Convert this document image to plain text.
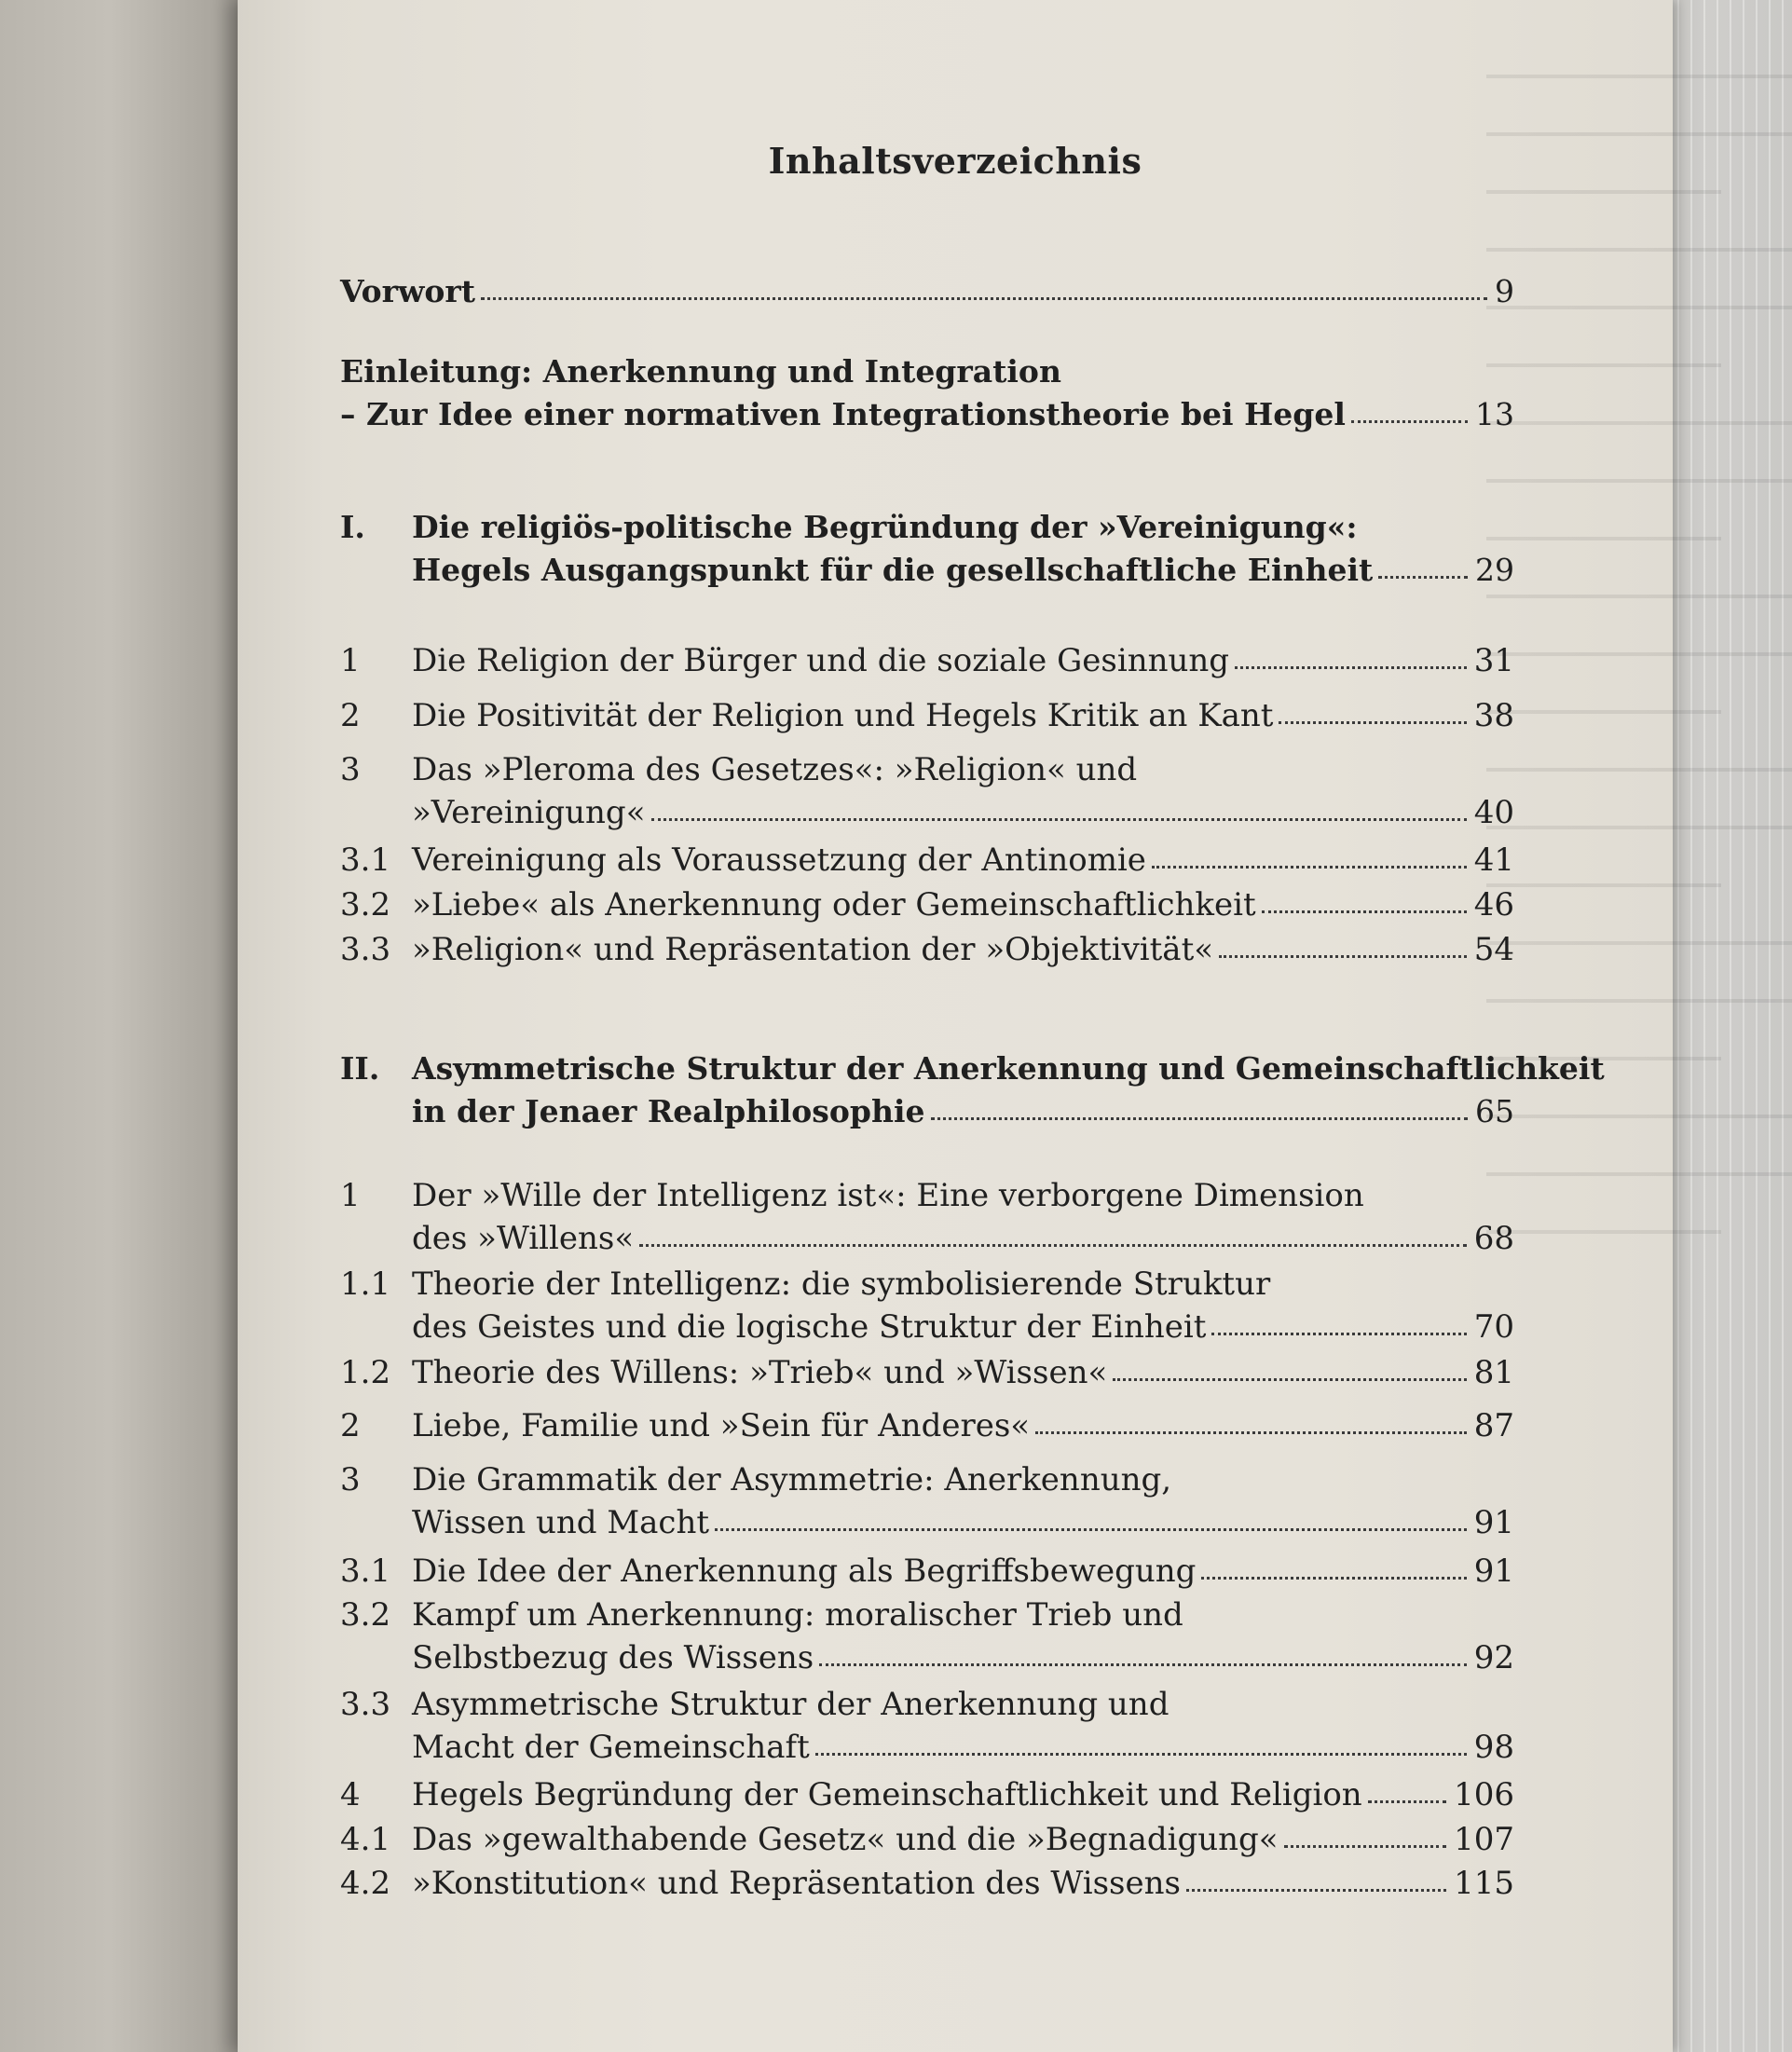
Inhaltsverzeichnis
Vorwort	9
Einleitung: Anerkennung und Integration
– Zur Idee einer normativen Integrationstheorie bei Hegel	13
I. Die religiös-politische Begründung der »Vereinigung«:
Hegels Ausgangspunkt für die gesellschaftliche Einheit	29
1	Die Religion der Bürger und die soziale Gesinnung	31
2	Die Positivität der Religion und Hegels Kritik an Kant	38
3 Das »Pleroma des Gesetzes«: »Religion« und
»Vereinigung«	40
3.1 Vereinigung als Voraussetzung der Antinomie	41
3.2 »Liebe« als Anerkennung oder Gemeinschaftlichkeit	46
3.3 »Religion« und Repräsentation der »Objektivität«	54
II. Asymmetrische Struktur der Anerkennung und Gemeinschaftlichkeit
in der Jenaer Realphilosophie	65
1 Der »Wille der Intelligenz ist«: Eine verborgene Dimension
des »Willens«	68
1.1 Theorie der Intelligenz: die symbolisierende Struktur
des Geistes und die logische Struktur der Einheit	70
1.2 Theorie des Willens: »Trieb« und »Wissen«	81
2	Liebe, Familie und »Sein für Anderes«	87
3 Die Grammatik der Asymmetrie: Anerkennung,
Wissen und Macht	91
3.1 Die Idee der Anerkennung als Begriffsbewegung	91
3.2 Kampf um Anerkennung: moralischer Trieb und
Selbstbezug des Wissens	92
3.3 Asymmetrische Struktur der Anerkennung und
Macht der Gemeinschaft	98
4	Hegels Begründung der Gemeinschaftlichkeit und Religion	106
4.1 Das »gewalthabende Gesetz« und die »Begnadigung«	107
4.2 »Konstitution« und Repräsentation des Wissens	115
